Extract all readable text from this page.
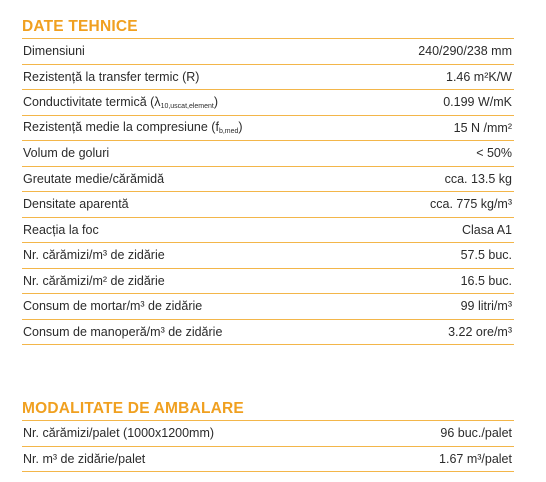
DATE TEHNICE
Dimensiuni	240/290/238 mm
Rezistență la transfer termic (R)	1.46 m²K/W
Conductivitate termică $(\lambda_{10,uscat,element})$	0.199 W/mK
Rezistență medie la compresiune $(f_{b,med})$	15 N /mm²
Volum de goluri	< 50%
Greutate medie/cărămidă	cca. 13.5 kg
Densitate aparentă	cca. 775 kg/m³
Reacția la foc	Clasa A1
Nr. cărămizi/m³ de zidărie	57.5 buc.
Nr. cărămizi/m² de zidărie	16.5 buc.
Consum de mortar/m³ de zidărie	99 litri/m³
Consum de manoperă/m³ de zidărie	3.22 ore/m³
MODALITATE DE AMBALARE
Nr. cărămizi/palet (1000x1200mm)	96 buc./palet
Nr. m³ de zidărie/palet	1.67 m³/palet
